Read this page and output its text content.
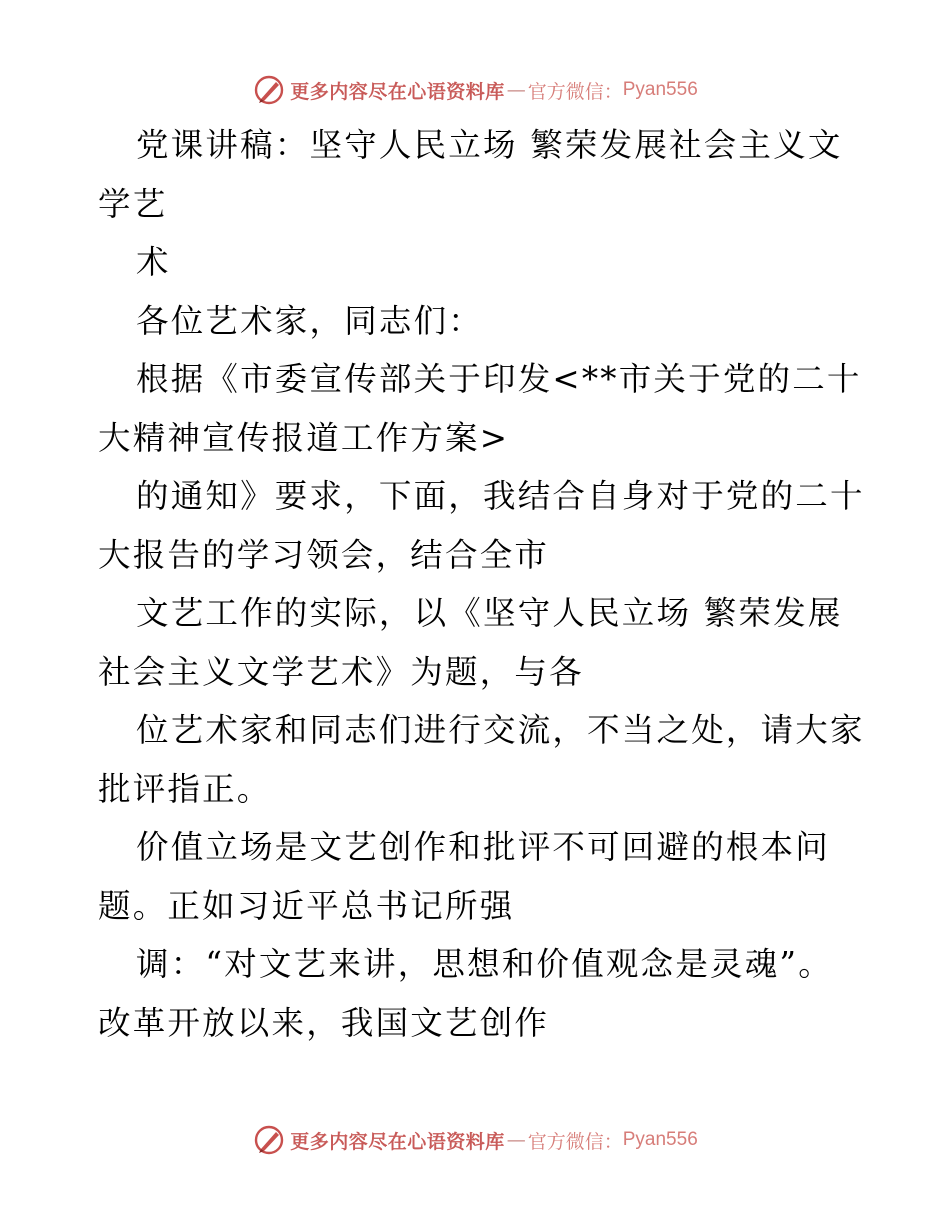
更多内容尽在心语资料库 — 官方微信： Pyan556
党课讲稿：坚守人民立场 繁荣发展社会主义文
学艺
术
各位艺术家，同志们：
根据《市委宣传部关于印发<**市关于党的二十
大精神宣传报道工作方案>
的通知》要求，下面，我结合自身对于党的二十
大报告的学习领会，结合全市
文艺工作的实际，以《坚守人民立场 繁荣发展
社会主义文学艺术》为题，与各
位艺术家和同志们进行交流，不当之处，请大家
批评指正。
价值立场是文艺创作和批评不可回避的根本问
题。正如习近平总书记所强
调：“对文艺来讲，思想和价值观念是灵魂”。
改革开放以来，我国文艺创作
更多内容尽在心语资料库 — 官方微信： Pyan556
